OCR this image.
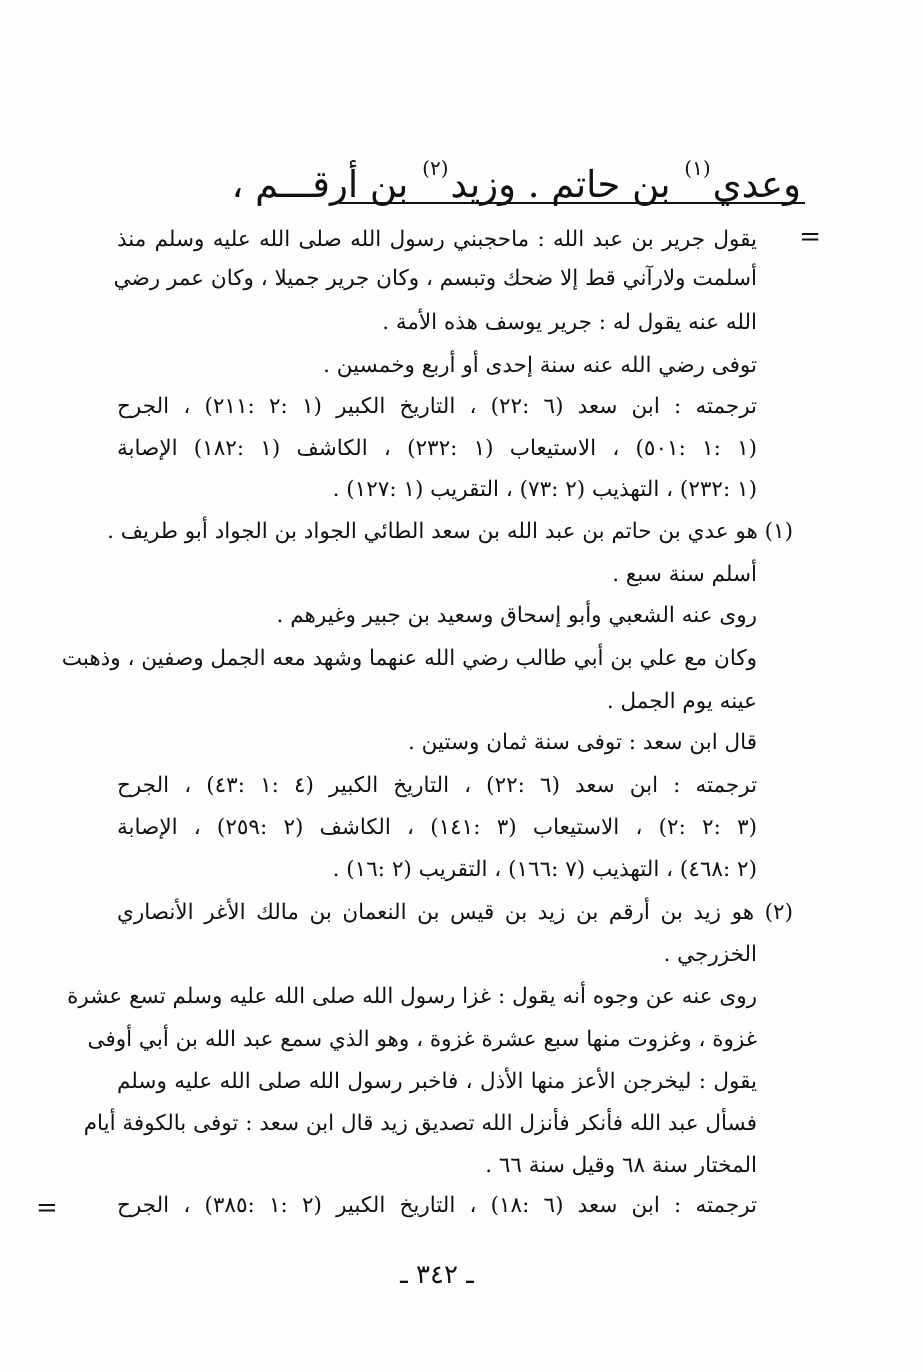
وعدي$^{(١)}$ بن حاتم . وزيد$^{(٢)}$ بن أرقـــم ،
=
يقول جرير بن عبد الله : ماحجبني رسول الله صلى الله عليه وسلم منذ
أسلمت ولارآني قط إلا ضحك وتبسم ، وكان جرير جميلا ، وكان عمر رضي
الله عنه يقول له : جرير يوسف هذه الأمة .
توفى رضي الله عنه سنة إحدى أو أربع وخمسين .
ترجمته : ابن سعد (٦ :٢٢) ، التاريخ الكبير (١ :٢ :٢١١) ، الجرح
(١ :١ :٥٠١) ، الاستيعاب (١ :٢٣٢) ، الكاشف (١ :١٨٢) الإصابة
(١ :٢٣٢) ، التهذيب (٢ :٧٣) ، التقريب (١ :١٢٧) .
(١) هو عدي بن حاتم بن عبد الله بن سعد الطائي الجواد بن الجواد أبو طريف .
أسلم سنة سبع .
روى عنه الشعبي وأبو إسحاق وسعيد بن جبير وغيرهم .
وكان مع علي بن أبي طالب رضي الله عنهما وشهد معه الجمل وصفين ، وذهبت
عينه يوم الجمل .
قال ابن سعد : توفى سنة ثمان وستين .
ترجمته : ابن سعد (٦ :٢٢) ، التاريخ الكبير (٤ :١ :٤٣) ، الجرح
(٣ :٢ :٢) ، الاستيعاب (٣ :١٤١) ، الكاشف (٢ :٢٥٩) ، الإصابة
(٢ :٤٦٨) ، التهذيب (٧ :١٦٦) ، التقريب (٢ :١٦) .
(٢) هو زيد بن أرقم بن زيد بن قيس بن النعمان بن مالك الأغر الأنصاري
الخزرجي .
روى عنه عن وجوه أنه يقول : غزا رسول الله صلى الله عليه وسلم تسع عشرة
غزوة ، وغزوت منها سبع عشرة غزوة ، وهو الذي سمع عبد الله بن أبي أوفى
يقول : ليخرجن الأعز منها الأذل ، فاخبر رسول الله صلى الله عليه وسلم
فسأل عبد الله فأنكر فأنزل الله تصديق زيد قال ابن سعد : توفى بالكوفة أيام
المختار سنة ٦٨ وقيل سنة ٦٦ .
ترجمته : ابن سعد (٦ :١٨) ، التاريخ الكبير (٢ :١ :٣٨٥) ، الجرح
=
ـ ٣٤٢ ـ
